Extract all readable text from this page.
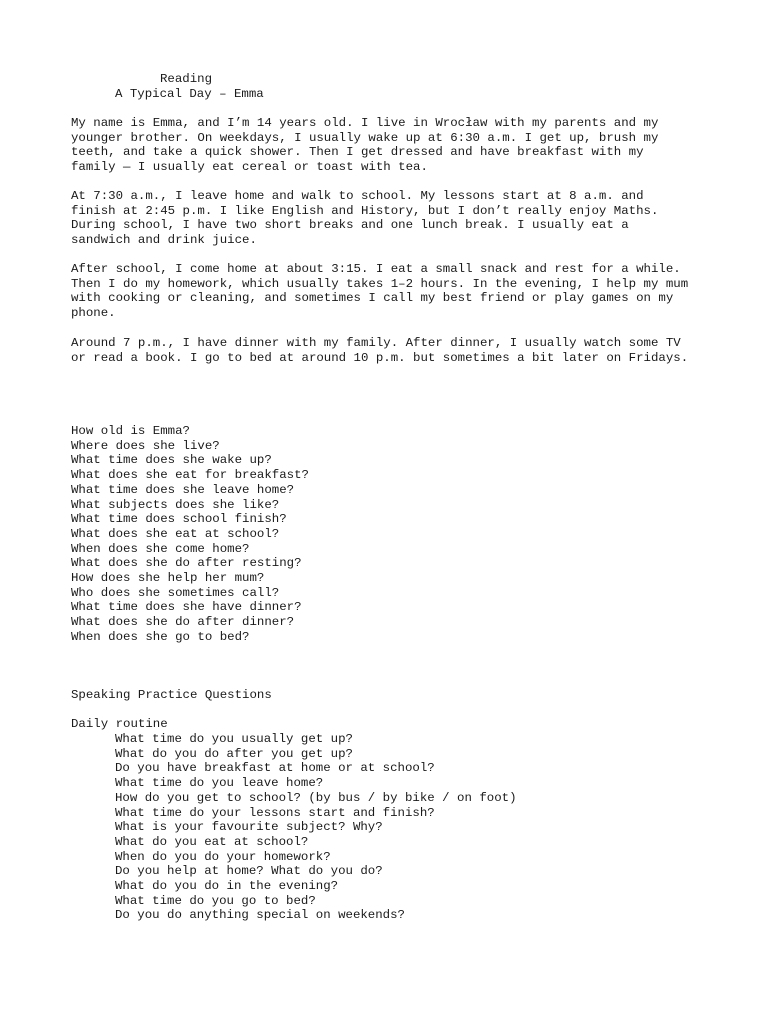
Reading
A Typical Day – Emma
My name is Emma, and I’m 14 years old. I live in Wrocław with my parents and my
younger brother. On weekdays, I usually wake up at 6:30 a.m. I get up, brush my
teeth, and take a quick shower. Then I get dressed and have breakfast with my
family — I usually eat cereal or toast with tea.
At 7:30 a.m., I leave home and walk to school. My lessons start at 8 a.m. and
finish at 2:45 p.m. I like English and History, but I don’t really enjoy Maths.
During school, I have two short breaks and one lunch break. I usually eat a
sandwich and drink juice.
After school, I come home at about 3:15. I eat a small snack and rest for a while.
Then I do my homework, which usually takes 1–2 hours. In the evening, I help my mum
with cooking or cleaning, and sometimes I call my best friend or play games on my
phone.
Around 7 p.m., I have dinner with my family. After dinner, I usually watch some TV
or read a book. I go to bed at around 10 p.m. but sometimes a bit later on Fridays.
How old is Emma?
Where does she live?
What time does she wake up?
What does she eat for breakfast?
What time does she leave home?
What subjects does she like?
What time does school finish?
What does she eat at school?
When does she come home?
What does she do after resting?
How does she help her mum?
Who does she sometimes call?
What time does she have dinner?
What does she do after dinner?
When does she go to bed?
Speaking Practice Questions
Daily routine
What time do you usually get up?
What do you do after you get up?
Do you have breakfast at home or at school?
What time do you leave home?
How do you get to school? (by bus / by bike / on foot)
What time do your lessons start and finish?
What is your favourite subject? Why?
What do you eat at school?
When do you do your homework?
Do you help at home? What do you do?
What do you do in the evening?
What time do you go to bed?
Do you do anything special on weekends?
